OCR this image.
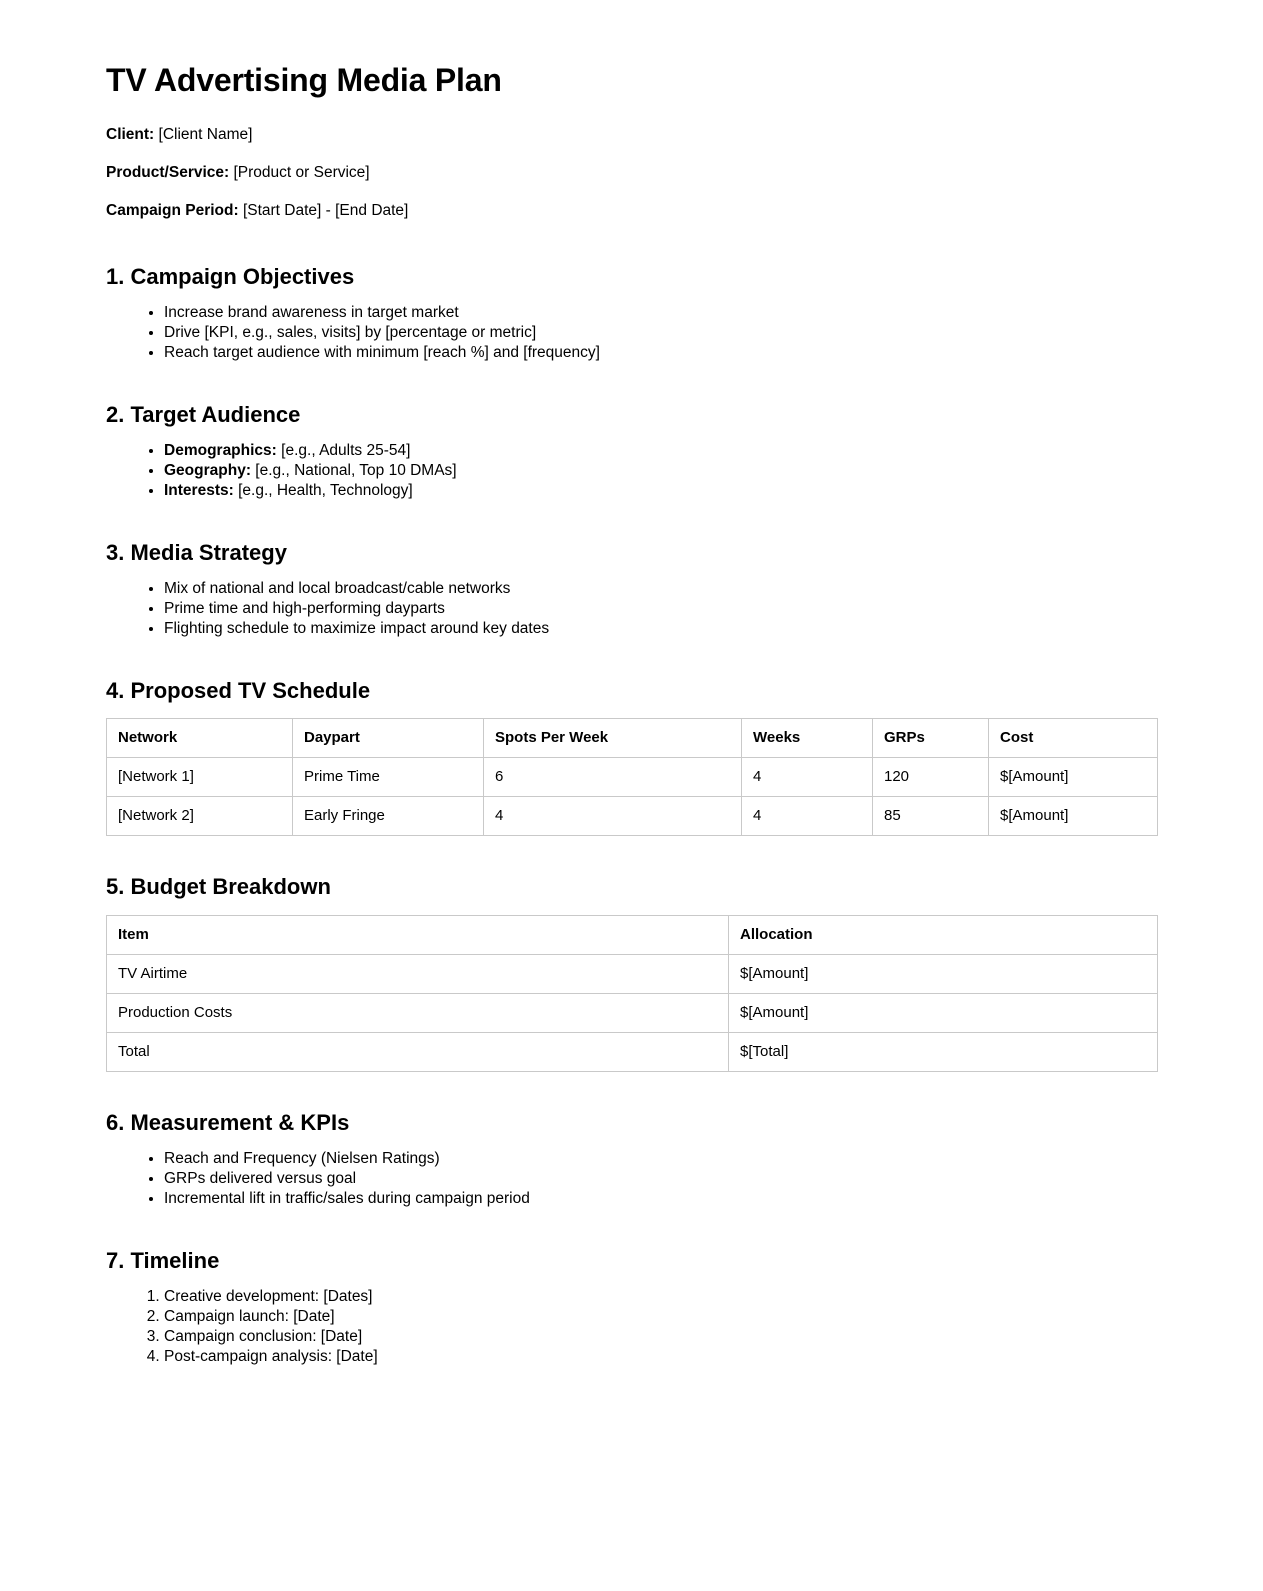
TV Advertising Media Plan

Client: [Client Name]

Product/Service: [Product or Service]

Campaign Period: [Start Date] - [End Date]

1. Campaign Objectives
• Increase brand awareness in target market
• Drive [KPI, e.g., sales, visits] by [percentage or metric]
• Reach target audience with minimum [reach %] and [frequency]
2. Target Audience
• Demographics: [e.g., Adults 25-54]
• Geography: [e.g., National, Top 10 DMAs]
• Interests: [e.g., Health, Technology]
3. Media Strategy
• Mix of national and local broadcast/cable networks
• Prime time and high-performing dayparts
• Flighting schedule to maximize impact around key dates
4. Proposed TV Schedule
Network	Daypart	Spots Per Week	Weeks	GRPs	Cost
[Network 1]	Prime Time	6	4	120	$[Amount]
[Network 2]	Early Fringe	4	4	85	$[Amount]
5. Budget Breakdown
Item	Allocation
TV Airtime	$[Amount]
Production Costs	$[Amount]
Total	$[Total]
6. Measurement & KPIs
• Reach and Frequency (Nielsen Ratings)
• GRPs delivered versus goal
• Incremental lift in traffic/sales during campaign period
7. Timeline
1. Creative development: [Dates]
2. Campaign launch: [Date]
3. Campaign conclusion: [Date]
4. Post-campaign analysis: [Date]
